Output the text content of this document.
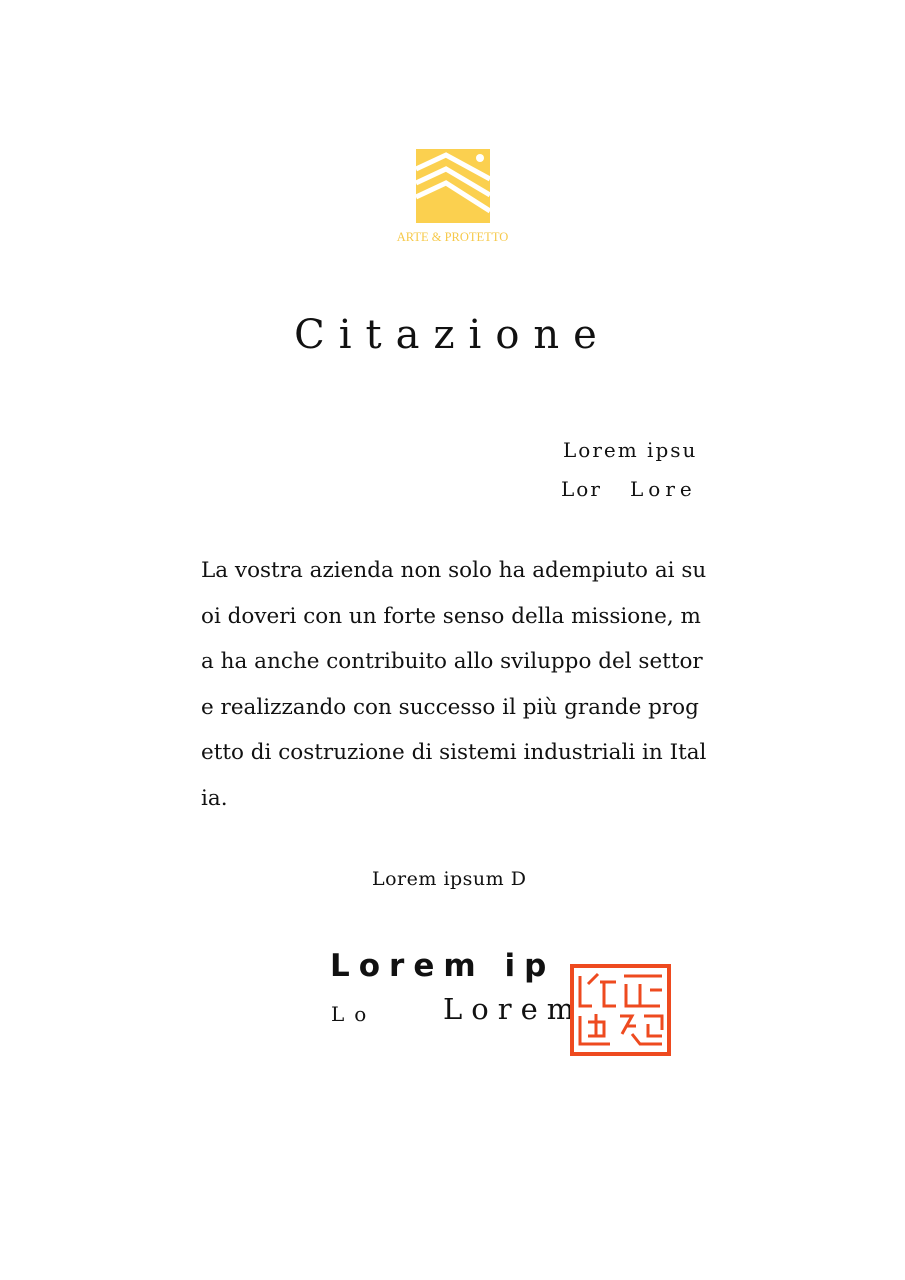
ARTE & PROTETTO
Citazione
Lorem ipsu
Lor Lore
La vostra azienda non solo ha adempiuto ai suoi doveri con un forte senso della missione, ma ha anche contribuito allo sviluppo del settore realizzando con successo il più grande progetto di costruzione di sistemi industriali in Italia.
Lorem ipsum D
Lorem ip
Lo Lorem
